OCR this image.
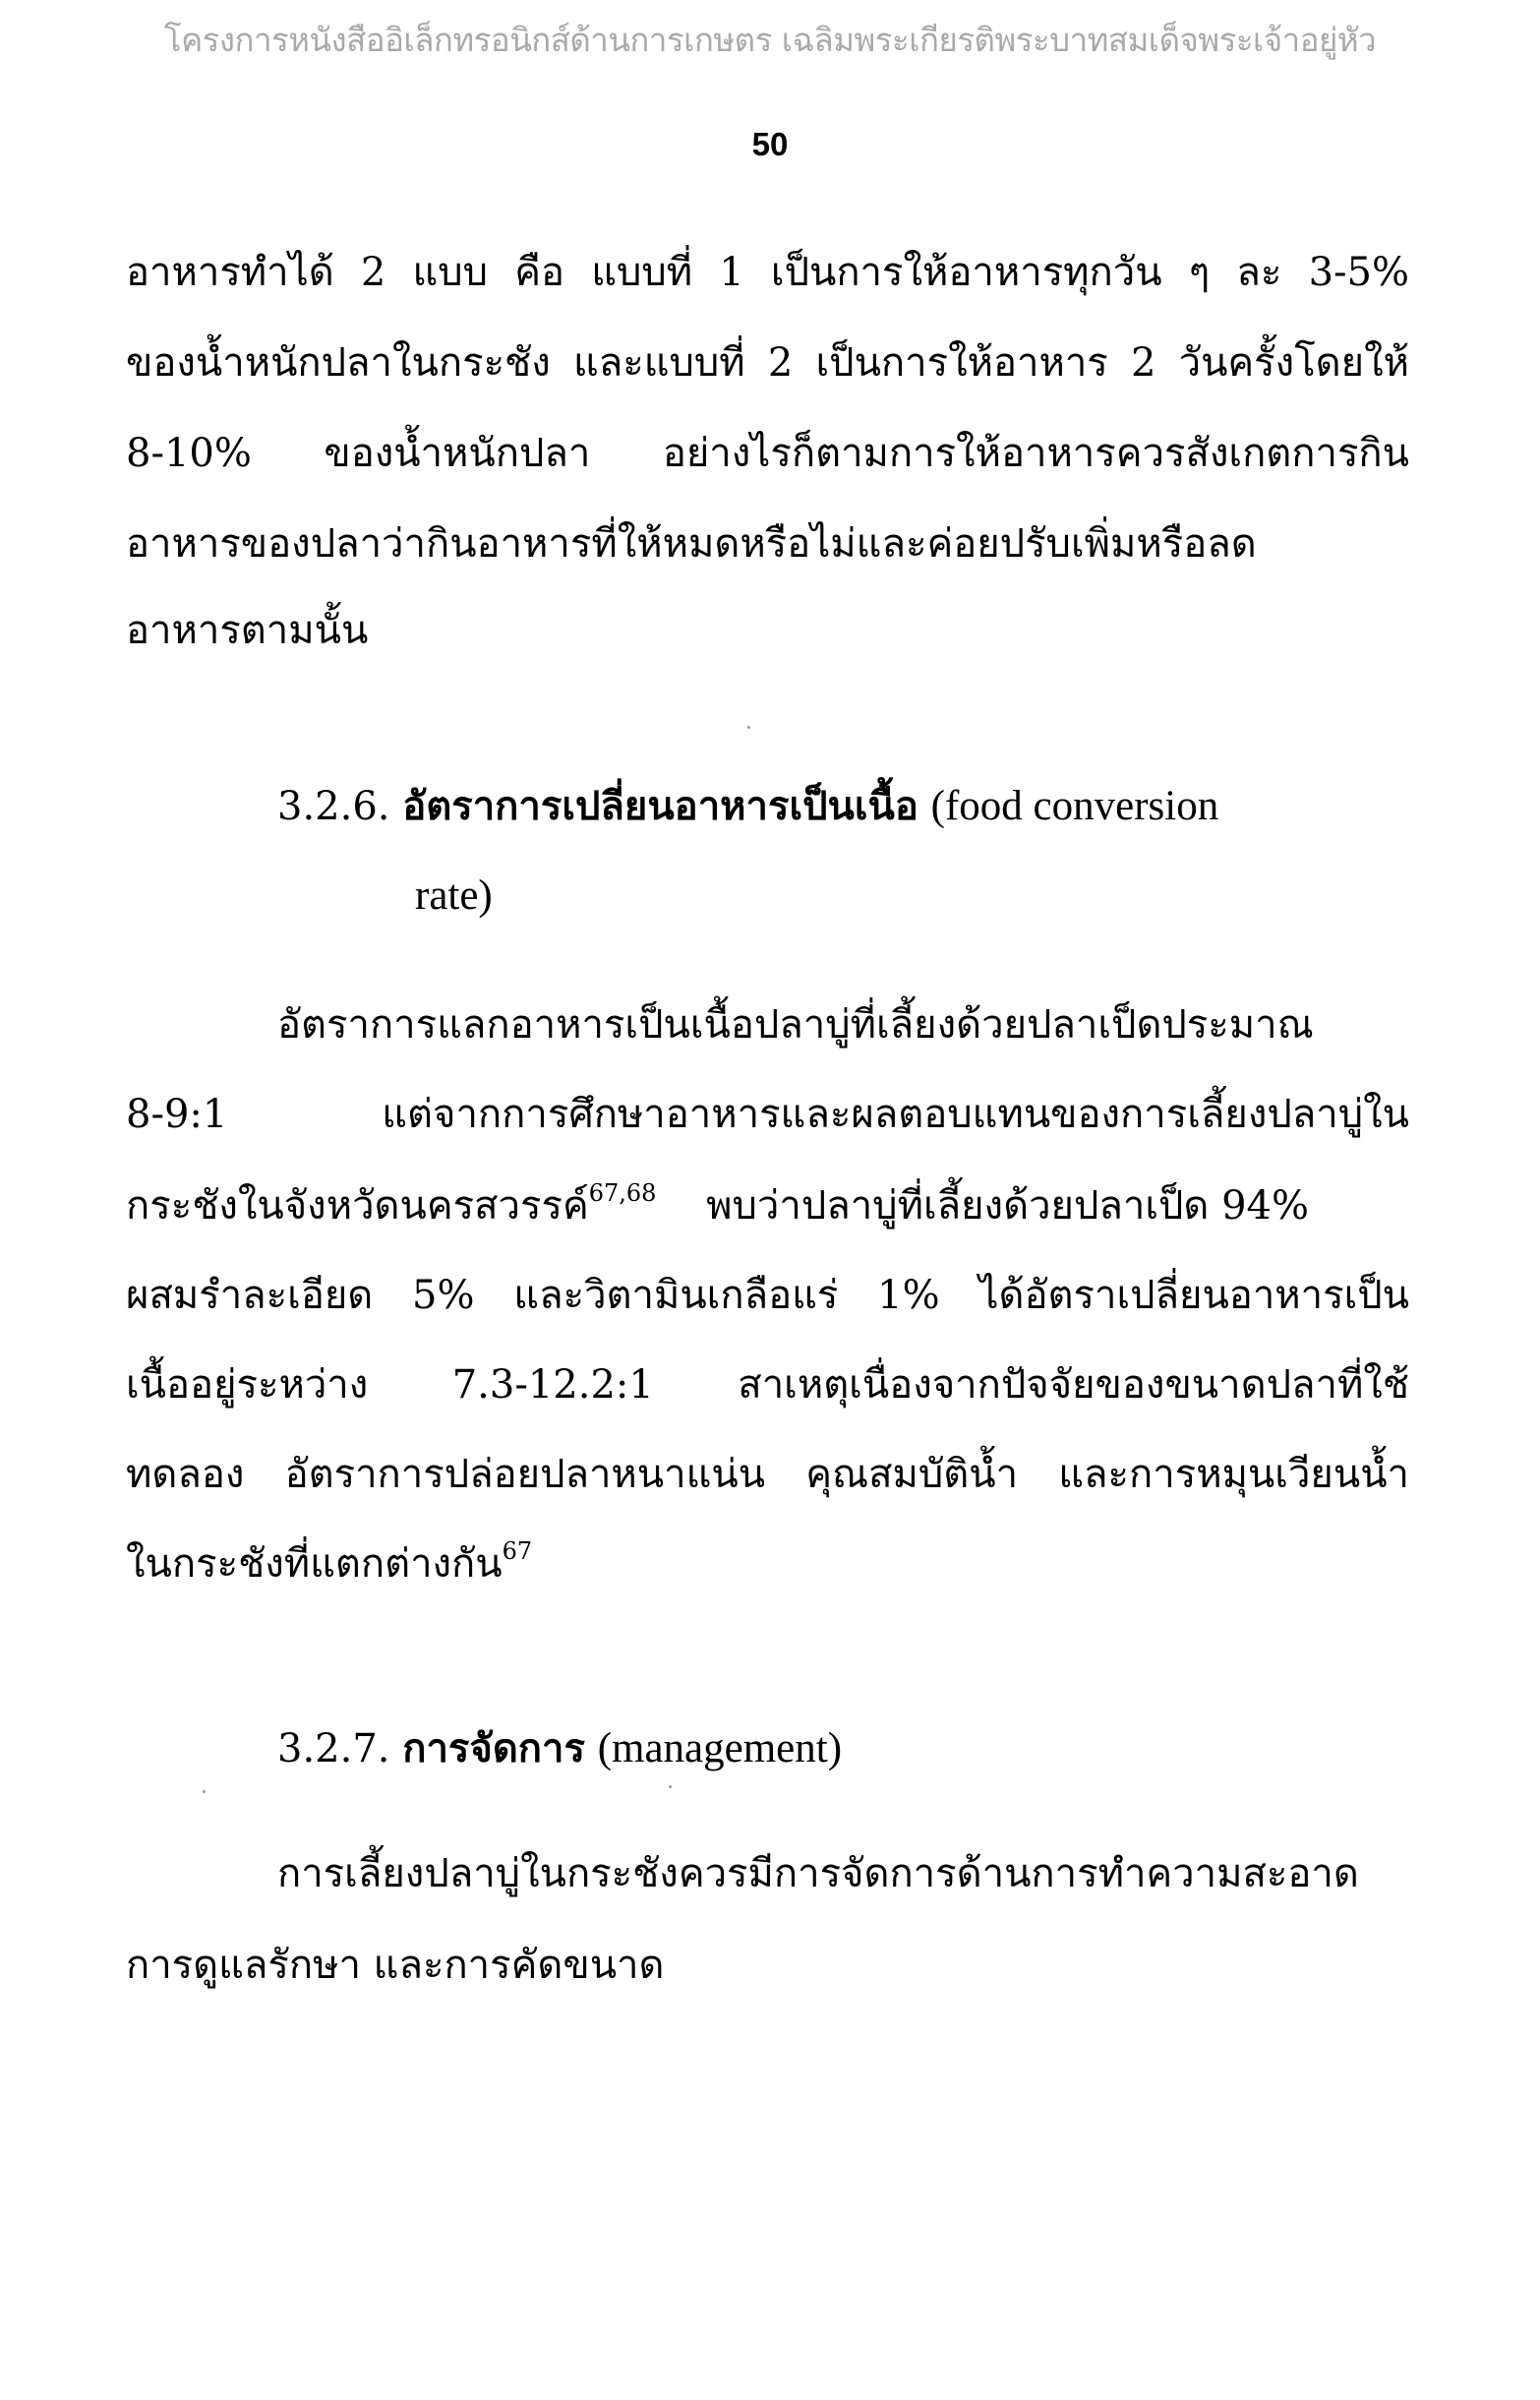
โครงการหนังสืออิเล็กทรอนิกส์ด้านการเกษตร เฉลิมพระเกียรติพระบาทสมเด็จพระเจ้าอยู่หัว
50
อาหารทำได้ 2 แบบ คือ แบบที่ 1 เป็นการให้อาหารทุกวัน ๆ ละ 3-5%
ของน้ำหนักปลาในกระชัง และแบบที่ 2 เป็นการให้อาหาร 2 วันครั้งโดยให้
8-10% ของน้ำหนักปลา อย่างไรก็ตามการให้อาหารควรสังเกตการกิน
อาหารของปลาว่ากินอาหารที่ให้หมดหรือไม่และค่อยปรับเพิ่มหรือลด
อาหารตามนั้น
3.2.6. อัตราการเปลี่ยนอาหารเป็นเนื้อ (food conversion
rate)
อัตราการแลกอาหารเป็นเนื้อปลาบู่ที่เลี้ยงด้วยปลาเป็ดประมาณ
8-9:1 แต่จากการศึกษาอาหารและผลตอบแทนของการเลี้ยงปลาบู่ใน
กระชังในจังหวัดนครสวรรค์$^{67,68}$ พบว่าปลาบู่ที่เลี้ยงด้วยปลาเป็ด 94%
ผสมรำละเอียด 5% และวิตามินเกลือแร่ 1% ได้อัตราเปลี่ยนอาหารเป็น
เนื้ออยู่ระหว่าง 7.3-12.2:1 สาเหตุเนื่องจากปัจจัยของขนาดปลาที่ใช้
ทดลอง อัตราการปล่อยปลาหนาแน่น คุณสมบัติน้ำ และการหมุนเวียนน้ำ
ในกระชังที่แตกต่างกัน$^{67}$
3.2.7. การจัดการ (management)
การเลี้ยงปลาบู่ในกระชังควรมีการจัดการด้านการทำความสะอาด
การดูแลรักษา และการคัดขนาด
